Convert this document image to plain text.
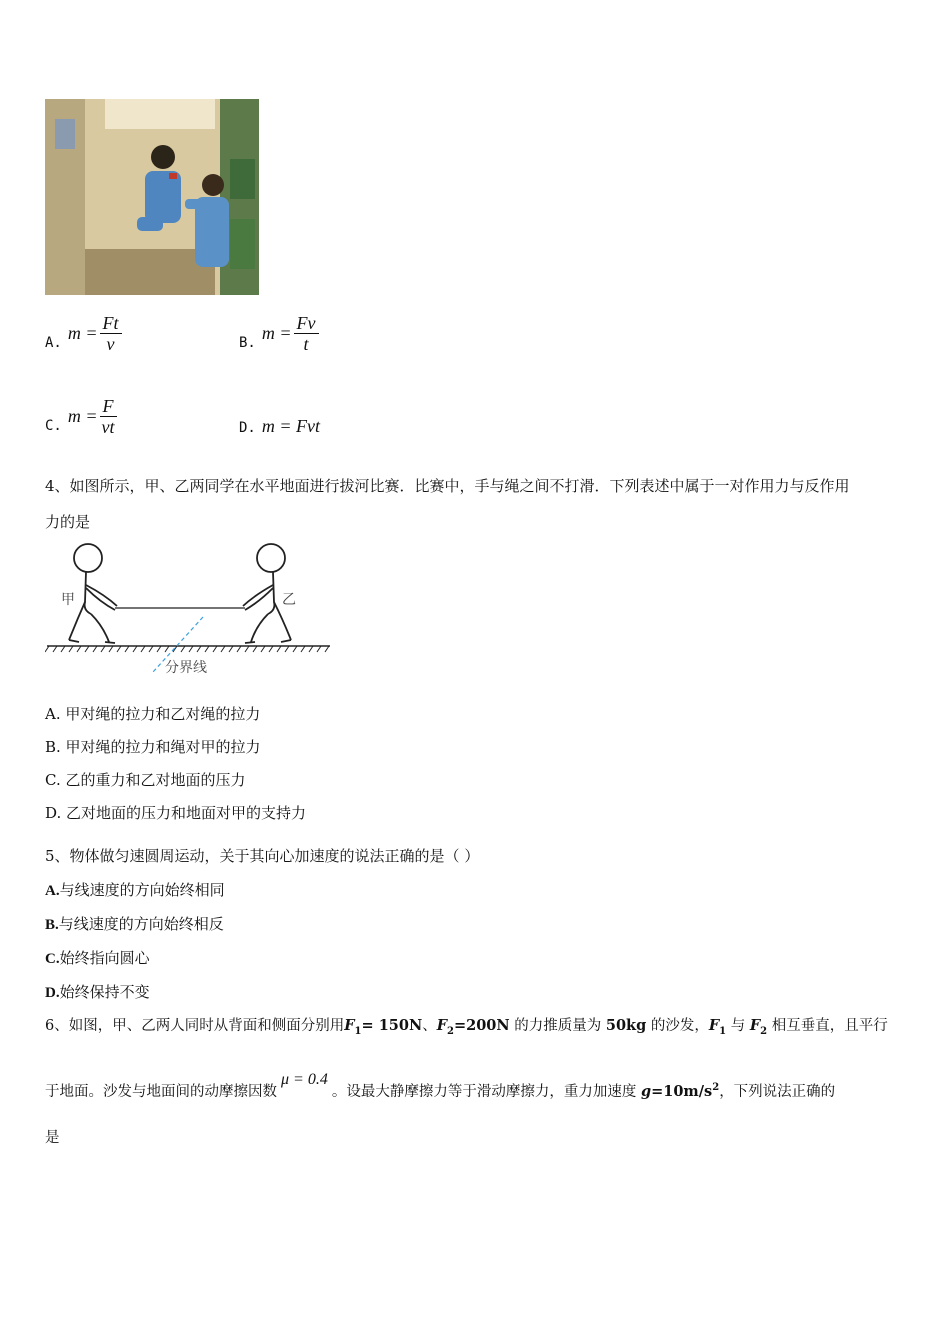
A.
$m = \frac{Ft}{v}$	B.
$m = \frac{Fv}{t}$
C.
$m = \frac{F}{vt}$	D. m = Fvt
4、如图所示，甲、乙两同学在水平地面进行拔河比赛．比赛中，手与绳之间不打滑．下列表述中属于一对作用力与反作用
力的是
甲	乙
分界线
A. 甲对绳的拉力和乙对绳的拉力
B. 甲对绳的拉力和绳对甲的拉力
C. 乙的重力和乙对地面的压力
D. 乙对地面的压力和地面对甲的支持力
5、物体做匀速圆周运动，关于其向心加速度的说法正确的是（ ）
A.与线速度的方向始终相同
B.与线速度的方向始终相反
C.始终指向圆心
D.始终保持不变
6、如图，甲、乙两人同时从背面和侧面分别用$F_1= 150N$、$F_2=200N$ 的力推质量为 50kg 的沙发，$F_1$ 与 $F_2$ 相互垂直，且平行
于地面。沙发与地面间的动摩擦因数μ = 0.4。设最大静摩擦力等于滑动摩擦力，重力加速度 $g=10m/s^2$，下列说法正确的
是
